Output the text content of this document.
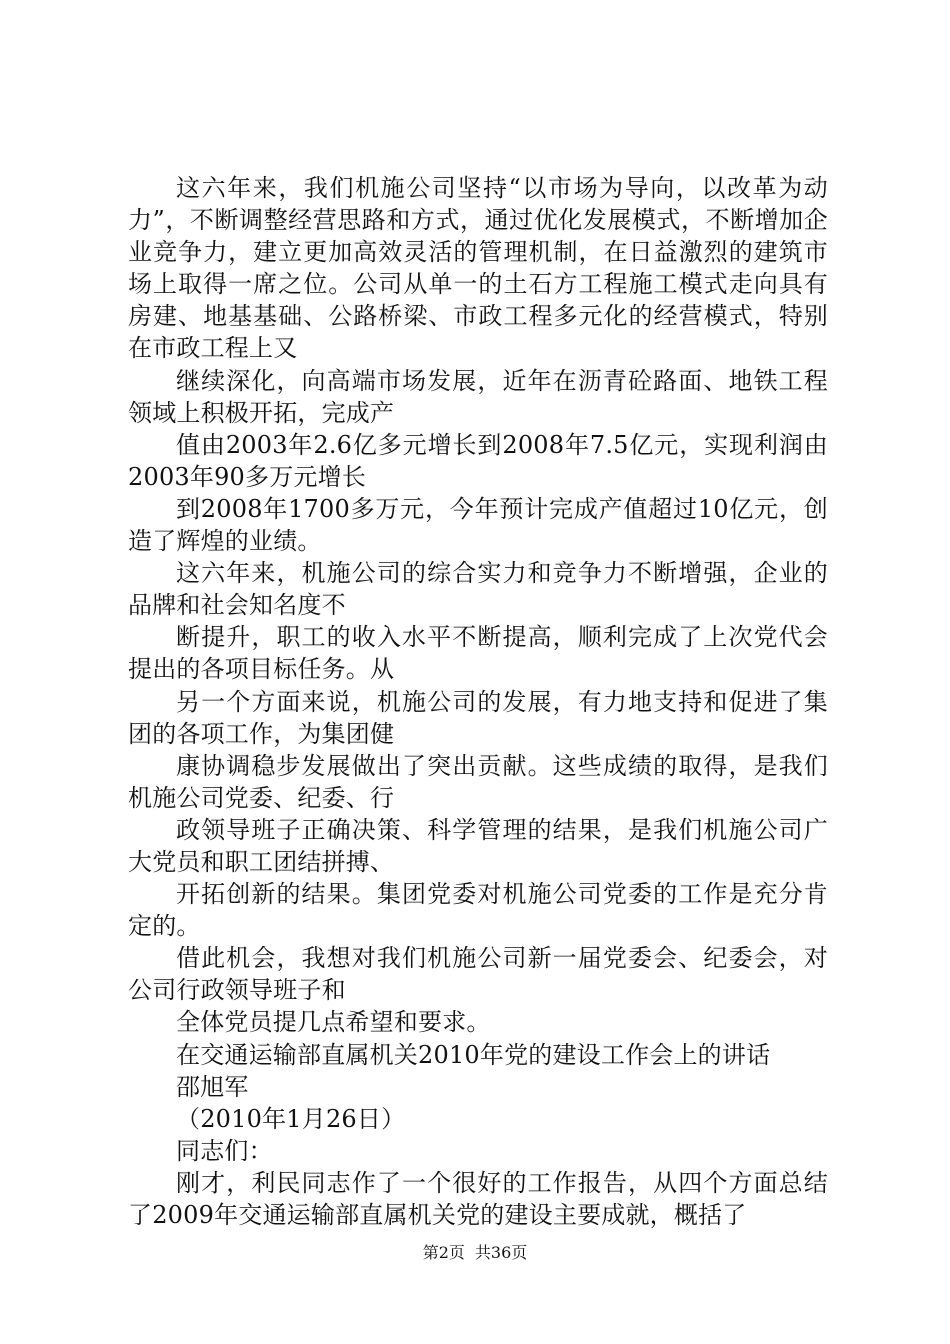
这六年来，我们机施公司坚持“以市场为导向，以改革为动力”，不断调整经营思路和方式，通过优化发展模式，不断增加企业竞争力，建立更加高效灵活的管理机制，在日益激烈的建筑市场上取得一席之位。公司从单一的土石方工程施工模式走向具有房建、地基基础、公路桥梁、市政工程多元化的经营模式，特别在市政工程上又

继续深化，向高端市场发展，近年在沥青砼路面、地铁工程领域上积极开拓，完成产

值由2003年2.6亿多元增长到2008年7.5亿元，实现利润由2003年90多万元增长

到2008年1700多万元，今年预计完成产值超过10亿元，创造了辉煌的业绩。

这六年来，机施公司的综合实力和竞争力不断增强，企业的品牌和社会知名度不

断提升，职工的收入水平不断提高，顺利完成了上次党代会提出的各项目标任务。从

另一个方面来说，机施公司的发展，有力地支持和促进了集团的各项工作，为集团健

康协调稳步发展做出了突出贡献。这些成绩的取得，是我们机施公司党委、纪委、行

政领导班子正确决策、科学管理的结果，是我们机施公司广大党员和职工团结拼搏、

开拓创新的结果。集团党委对机施公司党委的工作是充分肯定的。

借此机会，我想对我们机施公司新一届党委会、纪委会，对公司行政领导班子和

全体党员提几点希望和要求。

在交通运输部直属机关2010年党的建设工作会上的讲话

邵旭军

（2010年1月26日）

同志们：

刚才，利民同志作了一个很好的工作报告，从四个方面总结了2009年交通运输部直属机关党的建设主要成就，概括了

第2页 共36页
